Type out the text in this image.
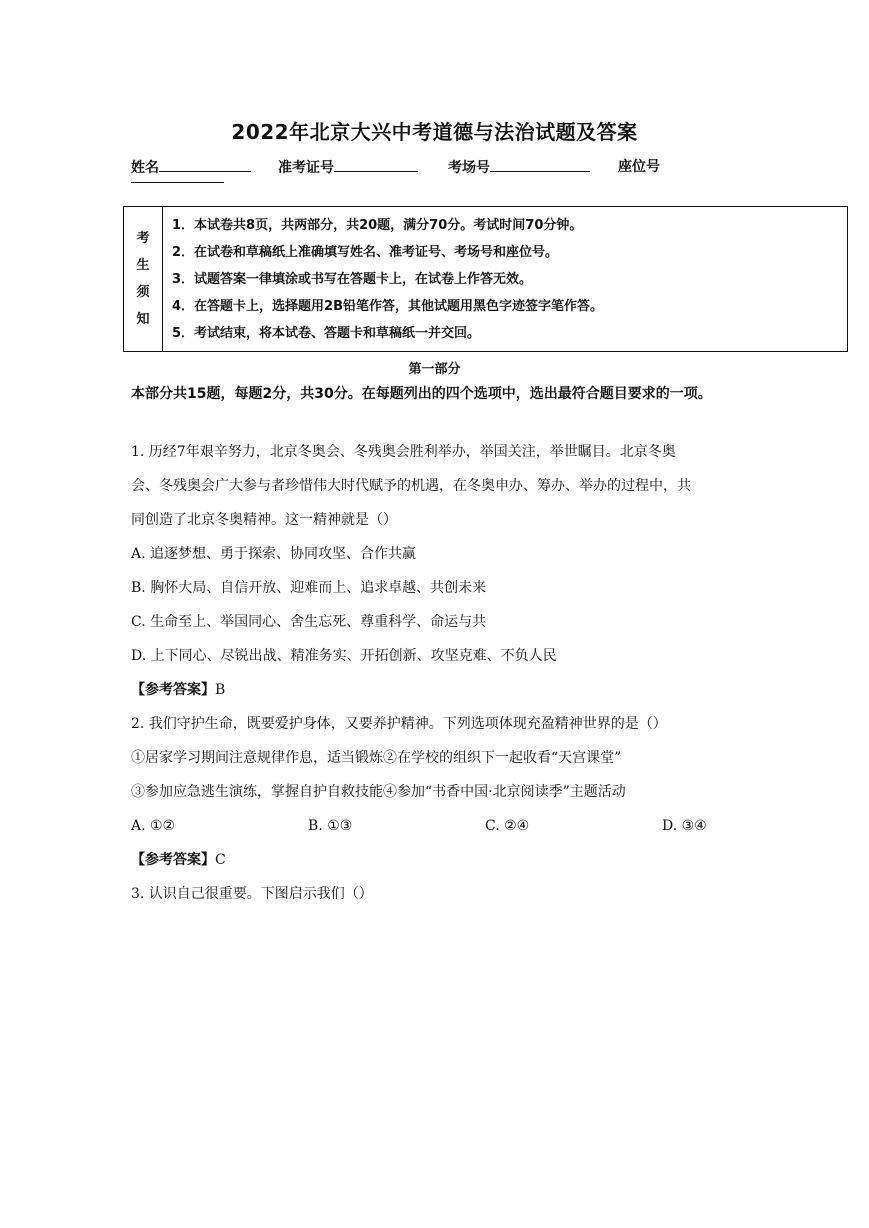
2022年北京大兴中考道德与法治试题及答案
姓名	准考证号	考场号	座位号
考
生
须
知
1．本试卷共8页，共两部分，共20题，满分70分。考试时间70分钟。
2．在试卷和草稿纸上准确填写姓名、准考证号、考场号和座位号。
3．试题答案一律填涂或书写在答题卡上，在试卷上作答无效。
4．在答题卡上，选择题用2B铅笔作答，其他试题用黑色字迹签字笔作答。
5．考试结束，将本试卷、答题卡和草稿纸一并交回。
第一部分
本部分共15题，每题2分，共30分。在每题列出的四个选项中，选出最符合题目要求的一项。
1. 历经7年艰辛努力，北京冬奥会、冬残奥会胜利举办，举国关注，举世瞩目。北京冬奥
会、冬残奥会广大参与者珍惜伟大时代赋予的机遇，在冬奥申办、筹办、举办的过程中，共
同创造了北京冬奥精神。这一精神就是（）
A. 追逐梦想、勇于探索、协同攻坚、合作共赢
B. 胸怀大局、自信开放、迎难而上、追求卓越、共创未来
C. 生命至上、举国同心、舍生忘死、尊重科学、命运与共
D. 上下同心、尽锐出战、精准务实、开拓创新、攻坚克难、不负人民
【参考答案】B
2. 我们守护生命，既要爱护身体，又要养护精神。下列选项体现充盈精神世界的是（）
①居家学习期间注意规律作息，适当锻炼②在学校的组织下一起收看“天宫课堂”
③参加应急逃生演练，掌握自护自救技能④参加“书香中国·北京阅读季”主题活动
A. ①②	B. ①③	C. ②④	D. ③④
【参考答案】C
3. 认识自己很重要。下图启示我们（）
